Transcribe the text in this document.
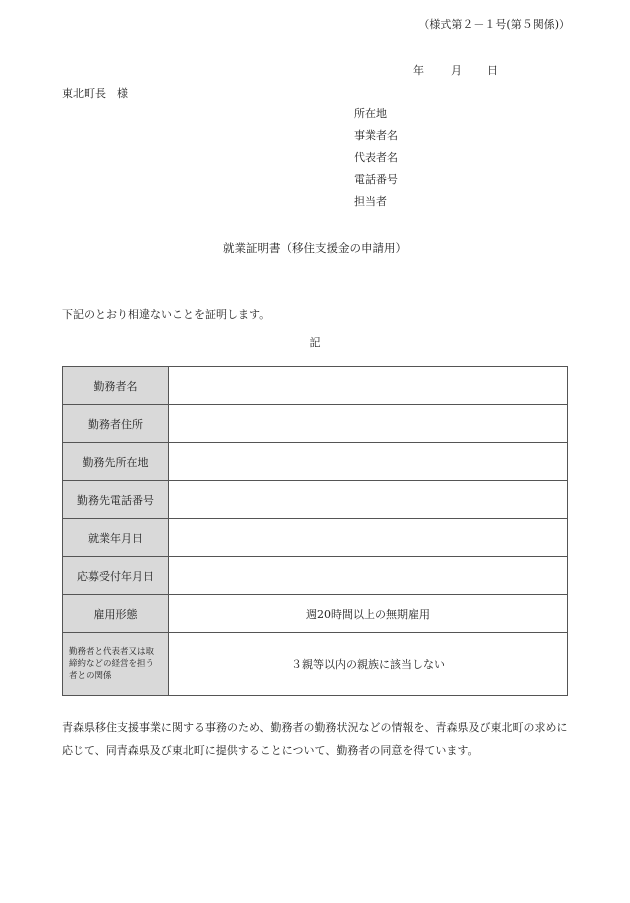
（様式第２－１号(第５関係)）
年 月 日
東北町長　様
所在地
事業者名
代表者名
電話番号
担当者
就業証明書（移住支援金の申請用）
下記のとおり相違ないことを証明します。
記
勤務者名	
勤務者住所	
勤務先所在地	
勤務先電話番号	
就業年月日	
応募受付年月日	
雇用形態	週20時間以上の無期雇用
勤務者と代表者又は取締約などの経営を担う者との関係	３親等以内の親族に該当しない
青森県移住支援事業に関する事務のため、勤務者の勤務状況などの情報を、青森県及び東北町の求めに応じて、同青森県及び東北町に提供することについて、勤務者の同意を得ています。
